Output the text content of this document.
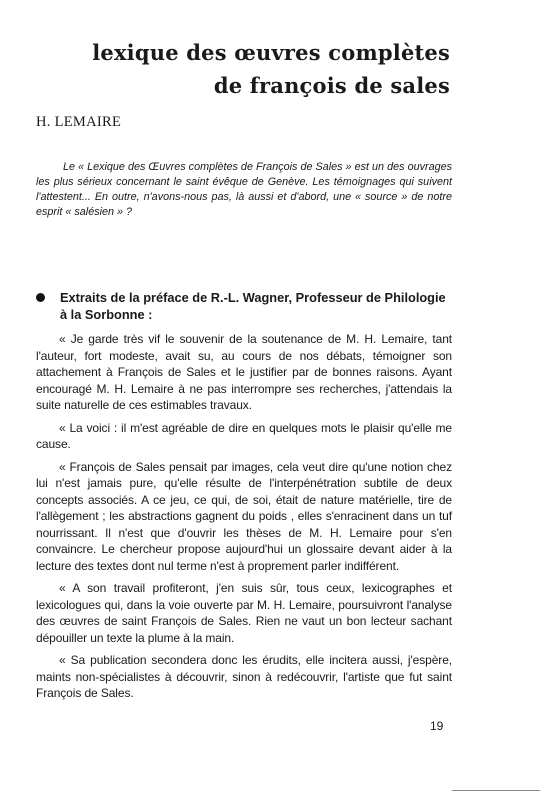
lexique des œuvres complètes
de françois de sales
H. LEMAIRE

Le « Lexique des Œuvres complètes de François de Sales » est un des ouvrages les plus sérieux concernant le saint évêque de Genève. Les témoignages qui suivent l'attestent... En outre, n'avons-nous pas, là aussi et d'abord, une « source » de notre esprit « salésien » ?

Extraits de la préface de R.-L. Wagner, Professeur de Philologie à la Sorbonne :

« Je garde très vif le souvenir de la soutenance de M. H. Lemaire, tant l'auteur, fort modeste, avait su, au cours de nos débats, témoigner son attachement à François de Sales et le justifier par de bonnes raisons. Ayant encouragé M. H. Lemaire à ne pas interrompre ses recherches, j'attendais la suite naturelle de ces estimables travaux.

« La voici : il m'est agréable de dire en quelques mots le plaisir qu'elle me cause.

« François de Sales pensait par images, cela veut dire qu'une notion chez lui n'est jamais pure, qu'elle résulte de l'interpénétration subtile de deux concepts associés. A ce jeu, ce qui, de soi, était de nature matérielle, tire de l'allègement ; les abstractions gagnent du poids , elles s'enracinent dans un tuf nourrissant. Il n'est que d'ouvrir les thèses de M. H. Lemaire pour s'en convaincre. Le chercheur propose aujourd'hui un glossaire devant aider à la lecture des textes dont nul terme n'est à proprement parler indifférent.

« A son travail profiteront, j'en suis sûr, tous ceux, lexicographes et lexicologues qui, dans la voie ouverte par M. H. Lemaire, poursuivront l'analyse des œuvres de saint François de Sales. Rien ne vaut un bon lecteur sachant dépouiller un texte la plume à la main.

« Sa publication secondera donc les érudits, elle incitera aussi, j'espère, maints non-spécialistes à découvrir, sinon à redécouvrir, l'artiste que fut saint François de Sales.

19
